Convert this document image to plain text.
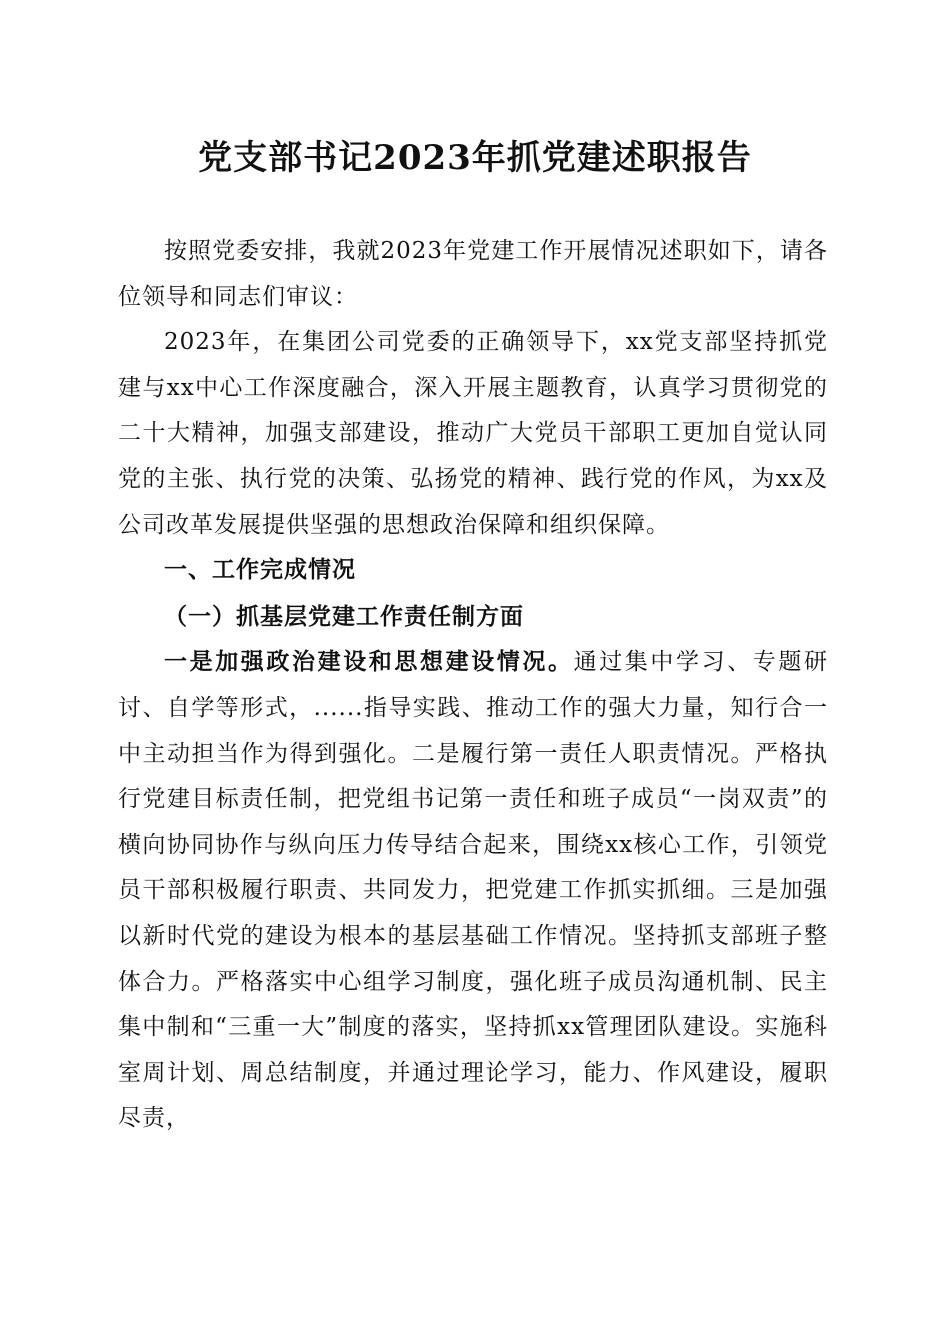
党支部书记2023年抓党建述职报告

按照党委安排，我就2023年党建工作开展情况述职如下，请各位领导和同志们审议：

2023年，在集团公司党委的正确领导下，xx党支部坚持抓党建与xx中心工作深度融合，深入开展主题教育，认真学习贯彻党的二十大精神，加强支部建设，推动广大党员干部职工更加自觉认同党的主张、执行党的决策、弘扬党的精神、践行党的作风，为xx及公司改革发展提供坚强的思想政治保障和组织保障。

一、工作完成情况

（一）抓基层党建工作责任制方面

一是加强政治建设和思想建设情况。通过集中学习、专题研讨、自学等形式，......指导实践、推动工作的强大力量，知行合一中主动担当作为得到强化。二是履行第一责任人职责情况。严格执行党建目标责任制，把党组书记第一责任和班子成员“一岗双责”的横向协同协作与纵向压力传导结合起来，围绕xx核心工作，引领党员干部积极履行职责、共同发力，把党建工作抓实抓细。三是加强以新时代党的建设为根本的基层基础工作情况。坚持抓支部班子整体合力。严格落实中心组学习制度，强化班子成员沟通机制、民主集中制和“三重一大”制度的落实，坚持抓xx管理团队建设。实施科室周计划、周总结制度，并通过理论学习，能力、作风建设，履职尽责，
